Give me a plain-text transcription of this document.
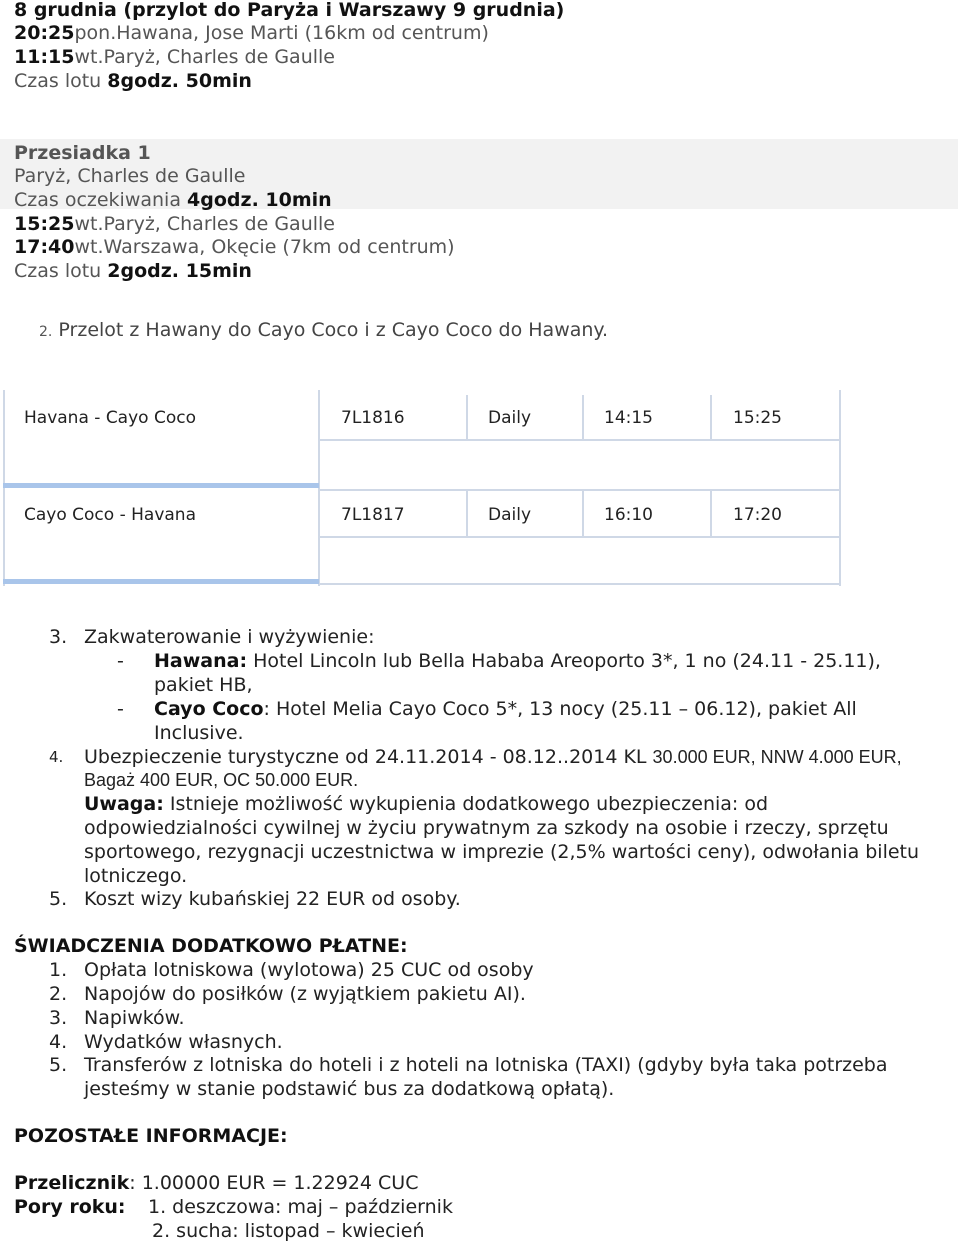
8 grudnia (przylot do Paryża i Warszawy 9 grudnia)
20:25pon.Hawana, Jose Marti (16km od centrum)
11:15wt.Paryż, Charles de Gaulle
Czas lotu 8godz. 50min
Przesiadka 1
Paryż, Charles de Gaulle
Czas oczekiwania 4godz. 10min
15:25wt.Paryż, Charles de Gaulle
17:40wt.Warszawa, Okęcie (7km od centrum)
Czas lotu 2godz. 15min
2. Przelot z Hawany do Cayo Coco i z Cayo Coco do Hawany.
Havana - Cayo Coco	7L1816	Daily	14:15	15:25
Cayo Coco - Havana	7L1817	Daily	16:10	17:20
3. Zakwaterowanie i wyżywienie:
- Hawana: Hotel Lincoln lub Bella Hababa Areoporto 3*, 1 no (24.11 - 25.11),
pakiet HB,
- Cayo Coco: Hotel Melia Cayo Coco 5*, 13 nocy (25.11 – 06.12), pakiet All
Inclusive.
4. Ubezpieczenie turystyczne od 24.11.2014 - 08.12..2014 KL 30.000 EUR, NNW 4.000 EUR,
Bagaż 400 EUR, OC 50.000 EUR.
Uwaga: Istnieje możliwość wykupienia dodatkowego ubezpieczenia: od
odpowiedzialności cywilnej w życiu prywatnym za szkody na osobie i rzeczy, sprzętu
sportowego, rezygnacji uczestnictwa w imprezie (2,5% wartości ceny), odwołania biletu
lotniczego.
5. Koszt wizy kubańskiej 22 EUR od osoby.
ŚWIADCZENIA DODATKOWO PŁATNE:
1. Opłata lotniskowa (wylotowa) 25 CUC od osoby
2. Napojów do posiłków (z wyjątkiem pakietu AI).
3. Napiwków.
4. Wydatków własnych.
5. Transferów z lotniska do hoteli i z hoteli na lotniska (TAXI) (gdyby była taka potrzeba
jesteśmy w stanie podstawić bus za dodatkową opłatą).
POZOSTAŁE INFORMACJE:
Przelicznik: 1.00000 EUR = 1.22924 CUC
Pory roku: 1. deszczowa: maj – październik
2. sucha: listopad – kwiecień
